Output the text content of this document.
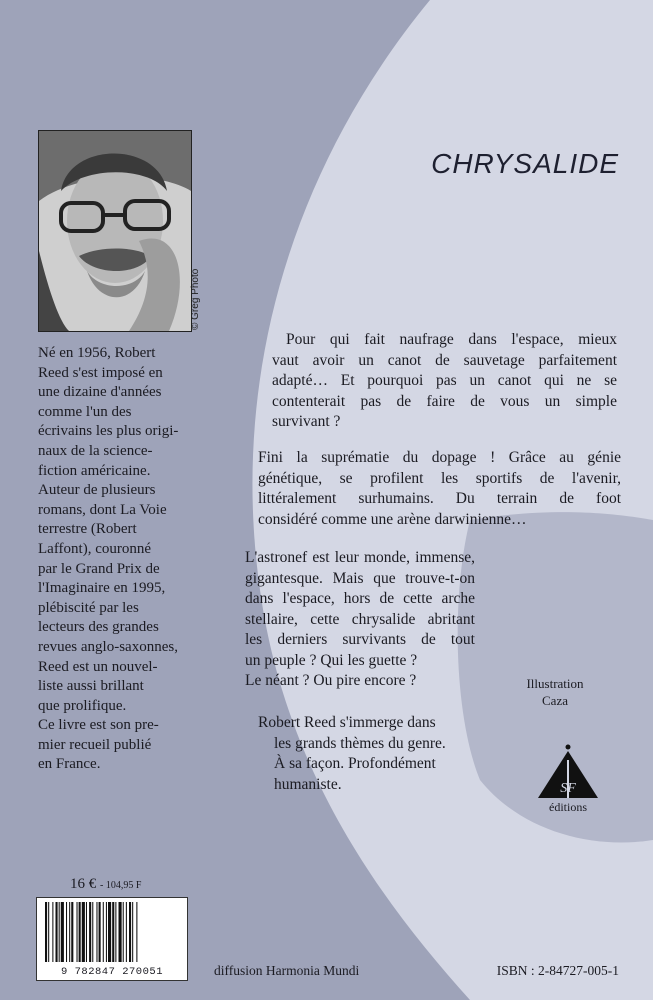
© Greg Photo
CHRYSALIDE
Né en 1956, Robert
Reed s'est imposé en
une dizaine d'années
comme l'un des
écrivains les plus origi-
naux de la science-
fiction américaine.
Auteur de plusieurs
romans, dont La Voie
terrestre (Robert
Laffont), couronné
par le Grand Prix de
l'Imaginaire en 1995,
plébiscité par les
lecteurs des grandes
revues anglo-saxonnes,
Reed est un nouvel-
liste aussi brillant
que prolifique.
Ce livre est son pre-
mier recueil publié
en France.
Pour qui fait naufrage dans l'espace, mieux
vaut avoir un canot de sauvetage parfaitement
adapté… Et pourquoi pas un canot qui ne se
contenterait pas de faire de vous un simple
survivant ?
Fini la suprématie du dopage ! Grâce au génie
génétique, se profilent les sportifs de l'avenir,
littéralement surhumains. Du terrain de foot
considéré comme une arène darwinienne…
L'astronef est leur monde, immense,
gigantesque. Mais que trouve-t-on
dans l'espace, hors de cette arche
stellaire, cette chrysalide abritant
les derniers survivants de tout
un peuple ? Qui les guette ?
Le néant ? Ou pire encore ?
Robert Reed s'immerge dans
les grands thèmes du genre.
À sa façon. Profondément
humaniste.
Illustration
Caza
SF
éditions
16 € - 104,95 F
9 782847 270051	diffusion Harmonia Mundi	ISBN : 2-84727-005-1
